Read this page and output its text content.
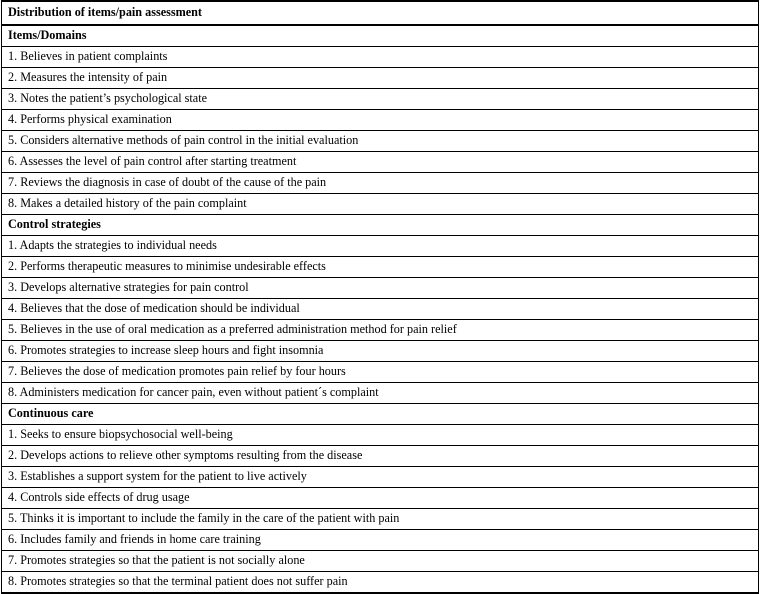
Distribution of items/pain assessment
Items/Domains
1. Believes in patient complaints
2. Measures the intensity of pain
3. Notes the patient’s psychological state
4. Performs physical examination
5. Considers alternative methods of pain control in the initial evaluation
6. Assesses the level of pain control after starting treatment
7. Reviews the diagnosis in case of doubt of the cause of the pain
8. Makes a detailed history of the pain complaint
Control strategies
1. Adapts the strategies to individual needs
2. Performs therapeutic measures to minimise undesirable effects
3. Develops alternative strategies for pain control
4. Believes that the dose of medication should be individual
5. Believes in the use of oral medication as a preferred administration method for pain relief
6. Promotes strategies to increase sleep hours and fight insomnia
7. Believes the dose of medication promotes pain relief by four hours
8. Administers medication for cancer pain, even without patient´s complaint
Continuous care
1. Seeks to ensure biopsychosocial well-being
2. Develops actions to relieve other symptoms resulting from the disease
3. Establishes a support system for the patient to live actively
4. Controls side effects of drug usage
5. Thinks it is important to include the family in the care of the patient with pain
6. Includes family and friends in home care training
7. Promotes strategies so that the patient is not socially alone
8. Promotes strategies so that the terminal patient does not suffer pain
